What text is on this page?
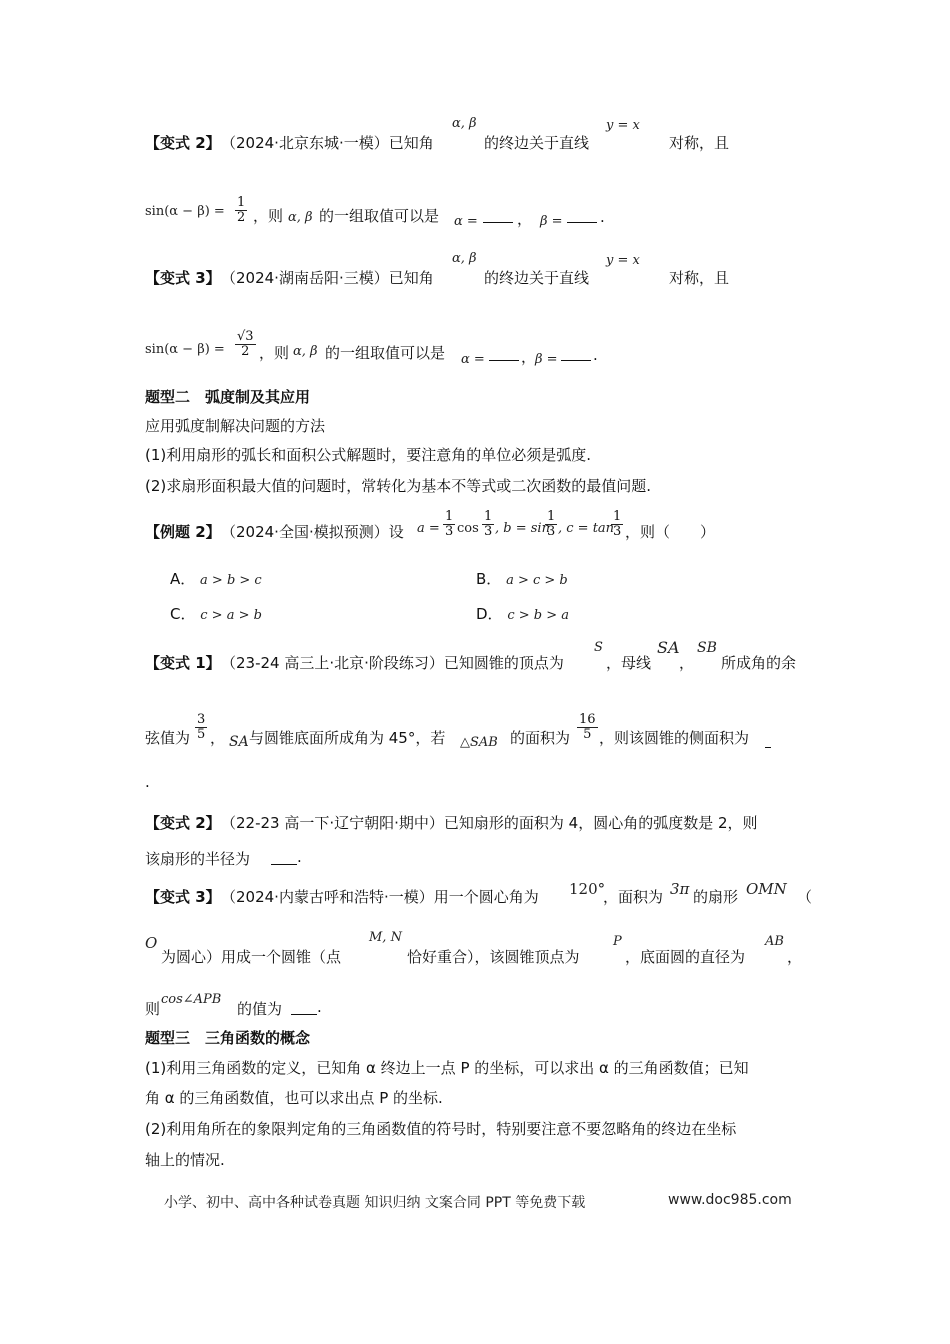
【变式 2】 （2024·北京东城·一模）已知角
α, β
的终边关于直线
y = x
对称，且
$\sin(\alpha - \beta) = \frac{1}{2}$ ，则 α, β 的一组取值可以是 α =	， β = .
【变式 3】 （2024·湖南岳阳·三模）已知角
α, β
的终边关于直线
y = x
对称，且
$\sin(\alpha - \beta) = \frac{√3}{2}$ ，则 α, β 的一组取值可以是 α = ，
β = .
题型二　弧度制及其应用
应用弧度制解决问题的方法
(1)利用扇形的弧长和面积公式解题时，要注意角的单位必须是弧度.
(2)求扇形面积最大值的问题时，常转化为基本不等式或二次函数的最值问题.
【例题 2】 （2024·全国·模拟预测）设 $a = \frac{1}{3}$ $\cos \frac{1}{3}$ , b = sin
$\frac{1}{3}$ , c = tan
$\frac{1}{3}$ ，则（　　）
A． a > b > c	B． a > c > b
C． c > a > b	D． c > b > a
【变式 1】 （23-24 高三上·北京·阶段练习）已知圆锥的顶点为
S
，母线
SA
，
SB
所成角的余
弦值为 $\frac{3}{5}$ ， SA 与圆锥底面所成角为 45°，若 △SAB 的面积为 $\frac{16}{5}$ ，则该圆锥的侧面积为
.
【变式 2】 （22-23 高一下·辽宁朝阳·期中）已知扇形的面积为 4，圆心角的弧度数是 2，则
该扇形的半径为	.
【变式 3】 （2024·内蒙古呼和浩特·一模）用一个圆心角为 120°
，面积为 3π 的扇形 OMN （
O
为圆心）用成一个圆锥（点
M, N
恰好重合），该圆锥顶点为
P
，底面圆的直径为
AB
，
则
cos∠APB
的值为 .
题型三　三角函数的概念
(1)利用三角函数的定义，已知角 α 终边上一点 P 的坐标，可以求出 α 的三角函数值；已知
角 α 的三角函数值，也可以求出点 P 的坐标.
(2)利用角所在的象限判定角的三角函数值的符号时，特别要注意不要忽略角的终边在坐标
轴上的情况.
小学、初中、高中各种试卷真题 知识归纳 文案合同 PPT 等免费下载	www.doc985.com
